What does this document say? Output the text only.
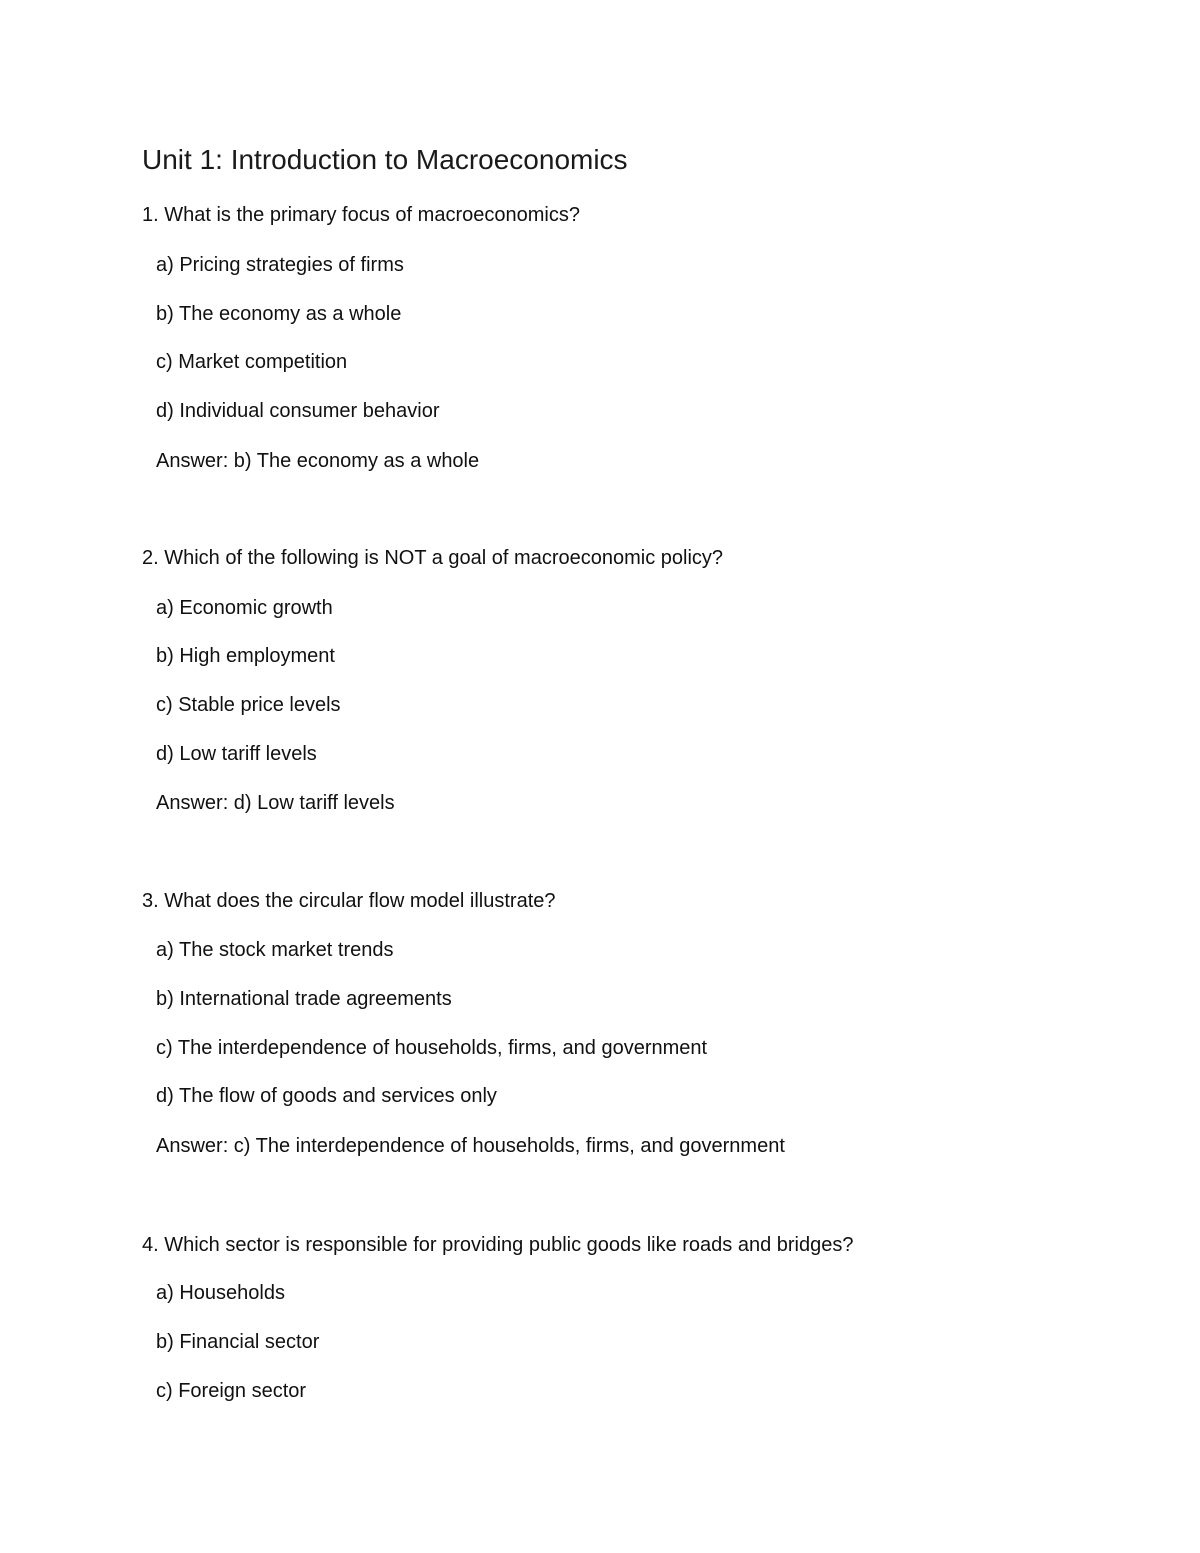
Unit 1: Introduction to Macroeconomics
1. What is the primary focus of macroeconomics?
a) Pricing strategies of firms
b) The economy as a whole
c) Market competition
d) Individual consumer behavior
Answer: b) The economy as a whole
2. Which of the following is NOT a goal of macroeconomic policy?
a) Economic growth
b) High employment
c) Stable price levels
d) Low tariff levels
Answer: d) Low tariff levels
3. What does the circular flow model illustrate?
a) The stock market trends
b) International trade agreements
c) The interdependence of households, firms, and government
d) The flow of goods and services only
Answer: c) The interdependence of households, firms, and government
4. Which sector is responsible for providing public goods like roads and bridges?
a) Households
b) Financial sector
c) Foreign sector
